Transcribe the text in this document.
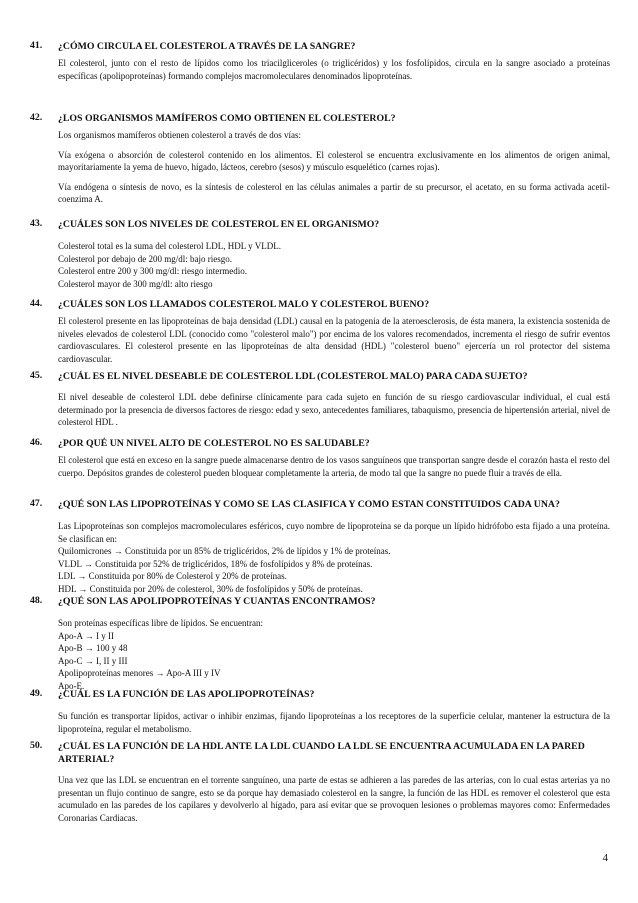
41.	¿CÓMO CIRCULA EL COLESTEROL A TRAVÉS DE LA SANGRE?

El colesterol, junto con el resto de lípidos como los triacilgliceroles (o triglicéridos) y los fosfolípidos, circula en la sangre asociado a proteínas específicas (apolipoproteínas) formando complejos macromoleculares denominados lipoproteínas.

42.	¿LOS ORGANISMOS MAMÍFEROS COMO OBTIENEN EL COLESTEROL?

Los organismos mamíferos obtienen colesterol a través de dos vías:

Vía exógena o absorción de colesterol contenido en los alimentos. El colesterol se encuentra exclusivamente en los alimentos de origen animal, mayoritariamente la yema de huevo, hígado, lácteos, cerebro (sesos) y músculo esquelético (carnes rojas).

Vía endógena o síntesis de novo, es la síntesis de colesterol en las células animales a partir de su precursor, el acetato, en su forma activada acetil-coenzima A.

43.	¿CUÁLES SON LOS NIVELES DE COLESTEROL EN EL ORGANISMO?
Colesterol total es la suma del colesterol LDL, HDL y VLDL.
Colesterol por debajo de 200 mg/dl: bajo riesgo.
Colesterol entre 200 y 300 mg/dl: riesgo intermedio.
Colesterol mayor de 300 mg/dl: alto riesgo
44.	¿CUÁLES SON LOS LLAMADOS COLESTEROL MALO Y COLESTEROL BUENO?

El colesterol presente en las lipoproteínas de baja densidad (LDL) causal en la patogenia de la ateroesclerosis, de ésta manera, la existencia sostenida de niveles elevados de colesterol LDL (conocido como "colesterol malo") por encima de los valores recomendados, incrementa el riesgo de sufrir eventos cardiovasculares. El colesterol presente en las lipoproteínas de alta densidad (HDL) "colesterol bueno" ejercería un rol protector del sistema cardiovascular.

45.	¿CUÁL ES EL NIVEL DESEABLE DE COLESTEROL LDL (COLESTEROL MALO) PARA CADA SUJETO?

El nivel deseable de colesterol LDL debe definirse clínicamente para cada sujeto en función de su riesgo cardiovascular individual, el cual está determinado por la presencia de diversos factores de riesgo: edad y sexo, antecedentes familiares, tabaquismo, presencia de hipertensión arterial, nivel de colesterol HDL .

46.	¿POR QUÉ UN NIVEL ALTO DE COLESTEROL NO ES SALUDABLE?

El colesterol que está en exceso en la sangre puede almacenarse dentro de los vasos sanguíneos que transportan sangre desde el corazón hasta el resto del cuerpo. Depósitos grandes de colesterol pueden bloquear completamente la arteria, de modo tal que la sangre no puede fluir a través de ella.

47.	¿QUÉ SON LAS LIPOPROTEÍNAS Y COMO SE LAS CLASIFICA Y COMO ESTAN CONSTITUIDOS CADA UNA?

Las Lipoproteínas son complejos macromoleculares esféricos, cuyo nombre de lipoproteína se da porque un lípido hidrófobo esta fijado a una proteína. Se clasifican en:

Quilomicrones → Constituida por un 85% de triglicéridos, 2% de lípidos y 1% de proteínas.
VLDL → Constituida por 52% de triglicéridos, 18% de fosfolípidos y 8% de proteínas.
LDL → Constituida por 80% de Colesterol y 20% de proteínas.
HDL → Constituida por 20% de colesterol, 30% de fosfolípidos y 50% de proteínas.
48.	¿QUÉ SON LAS APOLIPOPROTEÍNAS Y CUANTAS ENCONTRAMOS?
Son proteínas específicas libre de lípidos. Se encuentran:
Apo-A → I y II
Apo-B → 100 y 48
Apo-C → I, II y III
Apolipoproteínas menores → Apo-A III y IV
Apo-E.
49.	¿CUÁL ES LA FUNCIÓN DE LAS APOLIPOPROTEÍNAS?

Su función es transportar lípidos, activar o inhibir enzimas, fijando lipoproteínas a los receptores de la superficie celular, mantener la estructura de la lipoproteína, regular el metabolismo.

50.	¿CUÁL ES LA FUNCIÓN DE LA HDL ANTE LA LDL CUANDO LA LDL SE ENCUENTRA ACUMULADA EN LA PARED ARTERIAL?

Una vez que las LDL se encuentran en el torrente sanguíneo, una parte de estas se adhieren a las paredes de las arterias, con lo cual estas arterias ya no presentan un flujo continuo de sangre, esto se da porque hay demasiado colesterol en la sangre, la función de las HDL es remover el colesterol que esta acumulado en las paredes de los capilares y devolverlo al hígado, para así evitar que se provoquen lesiones o problemas mayores como: Enfermedades Coronarias Cardiacas.

4
